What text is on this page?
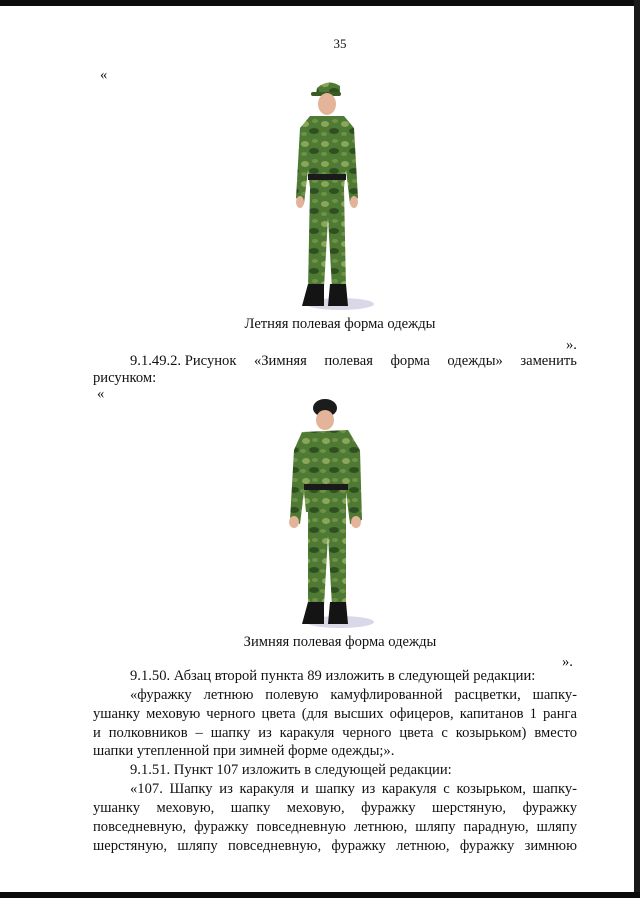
35
«
Летняя полевая форма одежды
».
9.1.49.2. Рисунок «Зимняя полевая форма одежды» заменить
рисунком:
«
Зимняя полевая форма одежды
».
9.1.50. Абзац второй пункта 89 изложить в следующей редакции:
«фуражку летнюю полевую камуфлированной расцветки, шапку-
ушанку меховую черного цвета (для высших офицеров, капитанов 1 ранга
и полковников – шапку из каракуля черного цвета с козырьком) вместо
шапки утепленной при зимней форме одежды;».
9.1.51. Пункт 107 изложить в следующей редакции:
«107. Шапку из каракуля и шапку из каракуля с козырьком, шапку-
ушанку меховую, шапку меховую, фуражку шерстяную, фуражку
повседневную, фуражку повседневную летнюю, шляпу парадную, шляпу
шерстяную, шляпу повседневную, фуражку летнюю, фуражку зимнюю
